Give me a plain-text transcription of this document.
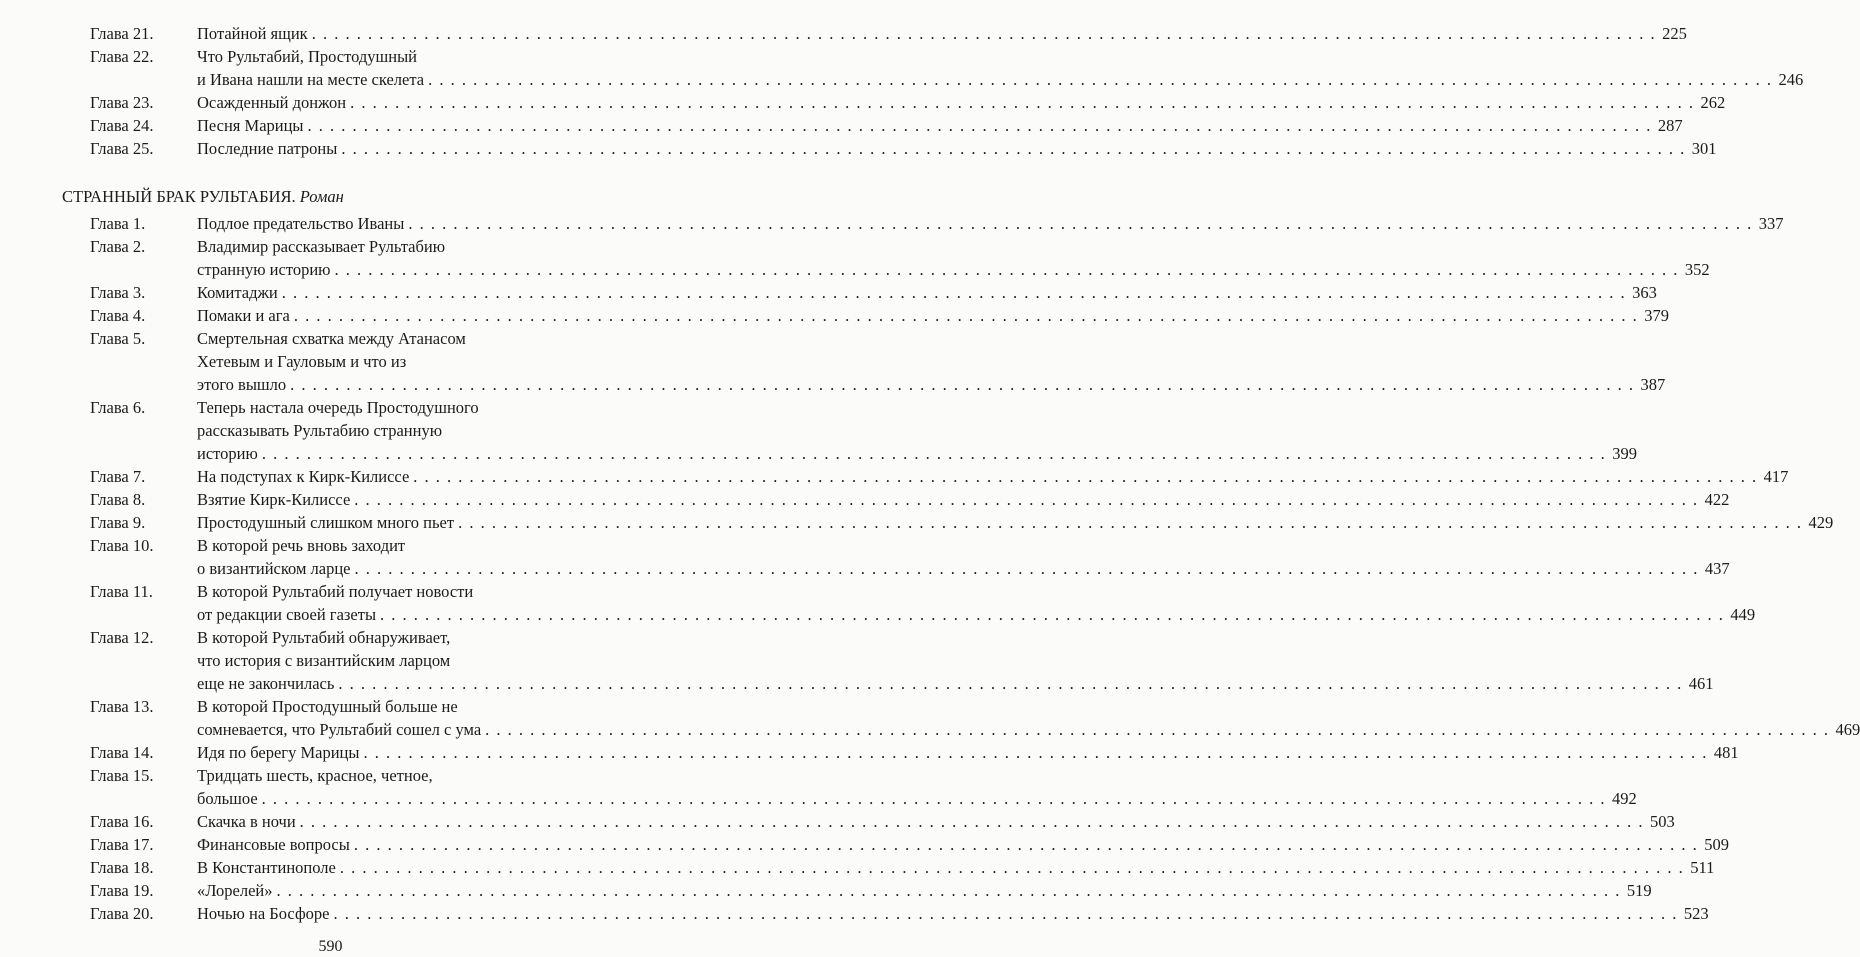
Глава 21.	Потайной ящик . . . . . . . . . . . . . . . . . . . . . . . . . . . . . . . . . . . . . . . . . . . . . . . . . . . . . . . . . . . . . . . . . . . . . . . . . . . . . . . . . . . . . . . . . . . . . . . . . . . . . . . . . . . . . . . . . . . . . . . . 225
Глава 22.	Что Рультабий, Простодушный
и Ивана нашли на месте скелета . . . . . . . . . . . . . . . . . . . . . . . . . . . . . . . . . . . . . . . . . . . . . . . . . . . . . . . . . . . . . . . . . . . . . . . . . . . . . . . . . . . . . . . . . . . . . . . . . . . . . . . . . . . . . . . . . . . . . . . . 246
Глава 23.	Осажденный донжон . . . . . . . . . . . . . . . . . . . . . . . . . . . . . . . . . . . . . . . . . . . . . . . . . . . . . . . . . . . . . . . . . . . . . . . . . . . . . . . . . . . . . . . . . . . . . . . . . . . . . . . . . . . . . . . . . . . . . . . . 262
Глава 24.	Песня Марицы . . . . . . . . . . . . . . . . . . . . . . . . . . . . . . . . . . . . . . . . . . . . . . . . . . . . . . . . . . . . . . . . . . . . . . . . . . . . . . . . . . . . . . . . . . . . . . . . . . . . . . . . . . . . . . . . . . . . . . . . 287
Глава 25.	Последние патроны . . . . . . . . . . . . . . . . . . . . . . . . . . . . . . . . . . . . . . . . . . . . . . . . . . . . . . . . . . . . . . . . . . . . . . . . . . . . . . . . . . . . . . . . . . . . . . . . . . . . . . . . . . . . . . . . . . . . . . . . 301
СТРАННЫЙ БРАК РУЛЬТАБИЯ. Роман
Глава 1.	Подлое предательство Иваны . . . . . . . . . . . . . . . . . . . . . . . . . . . . . . . . . . . . . . . . . . . . . . . . . . . . . . . . . . . . . . . . . . . . . . . . . . . . . . . . . . . . . . . . . . . . . . . . . . . . . . . . . . . . . . . . . . . . . . . . 337
Глава 2.	Владимир рассказывает Рультабию
странную историю . . . . . . . . . . . . . . . . . . . . . . . . . . . . . . . . . . . . . . . . . . . . . . . . . . . . . . . . . . . . . . . . . . . . . . . . . . . . . . . . . . . . . . . . . . . . . . . . . . . . . . . . . . . . . . . . . . . . . . . . 352
Глава 3.	Комитаджи . . . . . . . . . . . . . . . . . . . . . . . . . . . . . . . . . . . . . . . . . . . . . . . . . . . . . . . . . . . . . . . . . . . . . . . . . . . . . . . . . . . . . . . . . . . . . . . . . . . . . . . . . . . . . . . . . . . . . . . . 363
Глава 4.	Помаки и ага . . . . . . . . . . . . . . . . . . . . . . . . . . . . . . . . . . . . . . . . . . . . . . . . . . . . . . . . . . . . . . . . . . . . . . . . . . . . . . . . . . . . . . . . . . . . . . . . . . . . . . . . . . . . . . . . . . . . . . . . 379
Глава 5.	Смертельная схватка между Атанасом
Хетевым и Гауловым и что из
этого вышло . . . . . . . . . . . . . . . . . . . . . . . . . . . . . . . . . . . . . . . . . . . . . . . . . . . . . . . . . . . . . . . . . . . . . . . . . . . . . . . . . . . . . . . . . . . . . . . . . . . . . . . . . . . . . . . . . . . . . . . . 387
Глава 6.	Теперь настала очередь Простодушного
рассказывать Рультабию странную
историю . . . . . . . . . . . . . . . . . . . . . . . . . . . . . . . . . . . . . . . . . . . . . . . . . . . . . . . . . . . . . . . . . . . . . . . . . . . . . . . . . . . . . . . . . . . . . . . . . . . . . . . . . . . . . . . . . . . . . . . . 399
Глава 7.	На подступах к Кирк-Килиссе . . . . . . . . . . . . . . . . . . . . . . . . . . . . . . . . . . . . . . . . . . . . . . . . . . . . . . . . . . . . . . . . . . . . . . . . . . . . . . . . . . . . . . . . . . . . . . . . . . . . . . . . . . . . . . . . . . . . . . . . 417
Глава 8.	Взятие Кирк-Килиссе . . . . . . . . . . . . . . . . . . . . . . . . . . . . . . . . . . . . . . . . . . . . . . . . . . . . . . . . . . . . . . . . . . . . . . . . . . . . . . . . . . . . . . . . . . . . . . . . . . . . . . . . . . . . . . . . . . . . . . . . 422
Глава 9.	Простодушный слишком много пьет . . . . . . . . . . . . . . . . . . . . . . . . . . . . . . . . . . . . . . . . . . . . . . . . . . . . . . . . . . . . . . . . . . . . . . . . . . . . . . . . . . . . . . . . . . . . . . . . . . . . . . . . . . . . . . . . . . . . . . . . 429
Глава 10.	В которой речь вновь заходит
о византийском ларце . . . . . . . . . . . . . . . . . . . . . . . . . . . . . . . . . . . . . . . . . . . . . . . . . . . . . . . . . . . . . . . . . . . . . . . . . . . . . . . . . . . . . . . . . . . . . . . . . . . . . . . . . . . . . . . . . . . . . . . . 437
Глава 11.	В которой Рультабий получает новости
от редакции своей газеты . . . . . . . . . . . . . . . . . . . . . . . . . . . . . . . . . . . . . . . . . . . . . . . . . . . . . . . . . . . . . . . . . . . . . . . . . . . . . . . . . . . . . . . . . . . . . . . . . . . . . . . . . . . . . . . . . . . . . . . . 449
Глава 12.	В которой Рультабий обнаруживает,
что история с византийским ларцом
еще не закончилась . . . . . . . . . . . . . . . . . . . . . . . . . . . . . . . . . . . . . . . . . . . . . . . . . . . . . . . . . . . . . . . . . . . . . . . . . . . . . . . . . . . . . . . . . . . . . . . . . . . . . . . . . . . . . . . . . . . . . . . . 461
Глава 13.	В которой Простодушный больше не
сомневается, что Рультабий сошел с ума . . . . . . . . . . . . . . . . . . . . . . . . . . . . . . . . . . . . . . . . . . . . . . . . . . . . . . . . . . . . . . . . . . . . . . . . . . . . . . . . . . . . . . . . . . . . . . . . . . . . . . . . . . . . . . . . . . . . . . . . 469
Глава 14.	Идя по берегу Марицы . . . . . . . . . . . . . . . . . . . . . . . . . . . . . . . . . . . . . . . . . . . . . . . . . . . . . . . . . . . . . . . . . . . . . . . . . . . . . . . . . . . . . . . . . . . . . . . . . . . . . . . . . . . . . . . . . . . . . . . . 481
Глава 15.	Тридцать шесть, красное, четное,
большое . . . . . . . . . . . . . . . . . . . . . . . . . . . . . . . . . . . . . . . . . . . . . . . . . . . . . . . . . . . . . . . . . . . . . . . . . . . . . . . . . . . . . . . . . . . . . . . . . . . . . . . . . . . . . . . . . . . . . . . . 492
Глава 16.	Скачка в ночи . . . . . . . . . . . . . . . . . . . . . . . . . . . . . . . . . . . . . . . . . . . . . . . . . . . . . . . . . . . . . . . . . . . . . . . . . . . . . . . . . . . . . . . . . . . . . . . . . . . . . . . . . . . . . . . . . . . . . . . . 503
Глава 17.	Финансовые вопросы . . . . . . . . . . . . . . . . . . . . . . . . . . . . . . . . . . . . . . . . . . . . . . . . . . . . . . . . . . . . . . . . . . . . . . . . . . . . . . . . . . . . . . . . . . . . . . . . . . . . . . . . . . . . . . . . . . . . . . . . 509
Глава 18.	В Константинополе . . . . . . . . . . . . . . . . . . . . . . . . . . . . . . . . . . . . . . . . . . . . . . . . . . . . . . . . . . . . . . . . . . . . . . . . . . . . . . . . . . . . . . . . . . . . . . . . . . . . . . . . . . . . . . . . . . . . . . . . 511
Глава 19.	«Лорелей» . . . . . . . . . . . . . . . . . . . . . . . . . . . . . . . . . . . . . . . . . . . . . . . . . . . . . . . . . . . . . . . . . . . . . . . . . . . . . . . . . . . . . . . . . . . . . . . . . . . . . . . . . . . . . . . . . . . . . . . . 519
Глава 20.	Ночью на Босфоре . . . . . . . . . . . . . . . . . . . . . . . . . . . . . . . . . . . . . . . . . . . . . . . . . . . . . . . . . . . . . . . . . . . . . . . . . . . . . . . . . . . . . . . . . . . . . . . . . . . . . . . . . . . . . . . . . . . . . . . . 523
590
